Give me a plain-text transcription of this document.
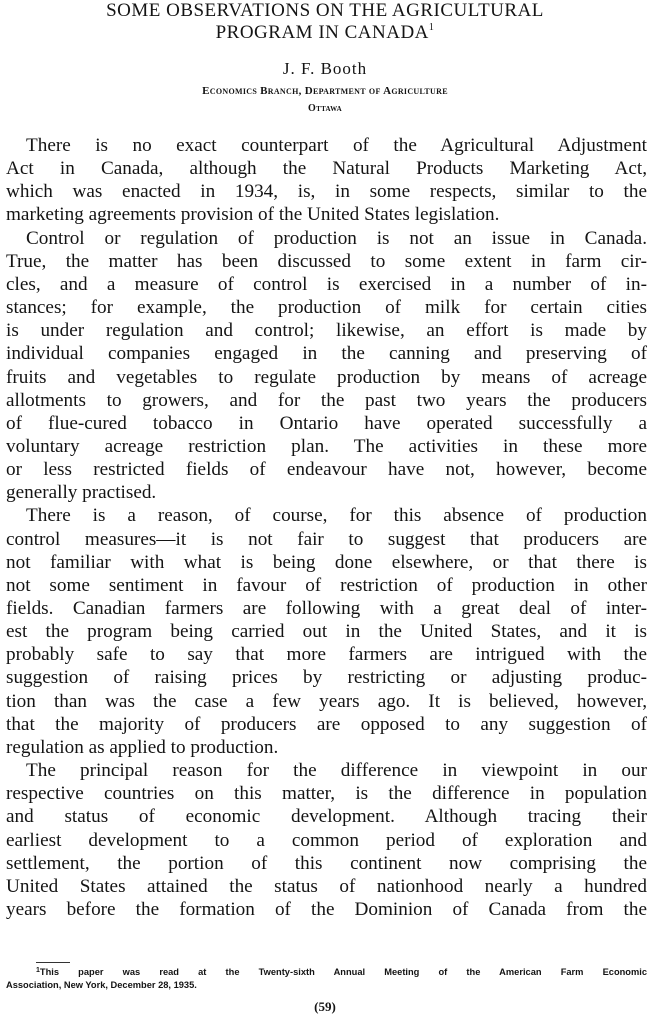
SOME OBSERVATIONS ON THE AGRICULTURAL
PROGRAM IN CANADA$^1$
J. F. Booth
Economics Branch, Department of Agriculture
Ottawa
There is no exact counterpart of the Agricultural Adjustment
Act in Canada, although the Natural Products Marketing Act,
which was enacted in 1934, is, in some respects, similar to the
marketing agreements provision of the United States legislation.
Control or regulation of production is not an issue in Canada.
True, the matter has been discussed to some extent in farm cir-
cles, and a measure of control is exercised in a number of in-
stances; for example, the production of milk for certain cities
is under regulation and control; likewise, an effort is made by
individual companies engaged in the canning and preserving of
fruits and vegetables to regulate production by means of acreage
allotments to growers, and for the past two years the producers
of flue-cured tobacco in Ontario have operated successfully a
voluntary acreage restriction plan. The activities in these more
or less restricted fields of endeavour have not, however, become
generally practised.
There is a reason, of course, for this absence of production
control measures—it is not fair to suggest that producers are
not familiar with what is being done elsewhere, or that there is
not some sentiment in favour of restriction of production in other
fields. Canadian farmers are following with a great deal of inter-
est the program being carried out in the United States, and it is
probably safe to say that more farmers are intrigued with the
suggestion of raising prices by restricting or adjusting produc-
tion than was the case a few years ago. It is believed, however,
that the majority of producers are opposed to any suggestion of
regulation as applied to production.
The principal reason for the difference in viewpoint in our
respective countries on this matter, is the difference in population
and status of economic development. Although tracing their
earliest development to a common period of exploration and
settlement, the portion of this continent now comprising the
United States attained the status of nationhood nearly a hundred
years before the formation of the Dominion of Canada from the
$^1$This paper was read at the Twenty-sixth Annual Meeting of the American Farm Economic
Association, New York, December 28, 1935.
(59)
